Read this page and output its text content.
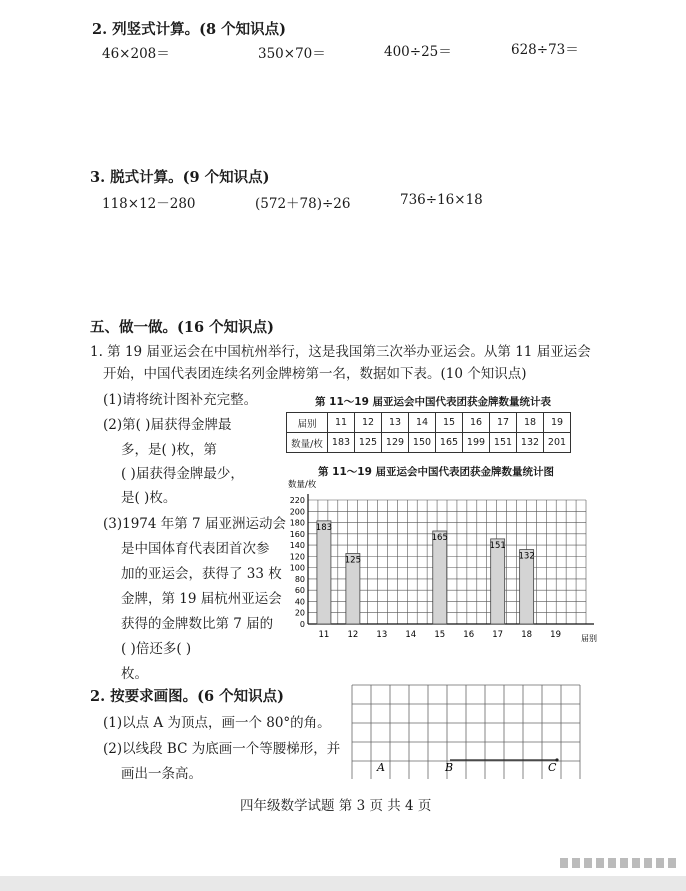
2. 列竖式计算。(8 个知识点)
46×208＝	350×70＝	400÷25＝	628÷73＝
3. 脱式计算。(9 个知识点)
118×12－280	(572＋78)÷26	736÷16×18
五、做一做。(16 个知识点)
1. 第 19 届亚运会在中国杭州举行，这是我国第三次举办亚运会。从第 11 届亚运会
开始，中国代表团连续名列金牌榜第一名，数据如下表。(10 个知识点)
(1)请将统计图补充完整。
(2)第( )届获得金牌最
多，是( )枚，第
( )届获得金牌最少，
是( )枚。
(3)1974 年第 7 届亚洲运动会
是中国体育代表团首次参
加的亚运会，获得了 33 枚
金牌，第 19 届杭州亚运会
获得的金牌数比第 7 届的
( )倍还多( )
枚。
第 11～19 届亚运会中国代表团获金牌数量统计表
届别	11	12	13	14	15	16	17	18	19
数量/枚	183	125	129	150	165	199	151	132	201
第 11～19 届亚运会中国代表团获金牌数量统计图
0
20
40
60
80
100
120
140
160
180
200
220
数量/枚
届别
11
183
12
125
13 14 15
165
16 17
151
18
132
19
2. 按要求画图。(6 个知识点)
(1)以点 A 为顶点，画一个 80°的角。
(2)以线段 BC 为底画一个等腰梯形，并
画出一条高。	A	B	C
四年级数学试题 第 3 页 共 4 页
